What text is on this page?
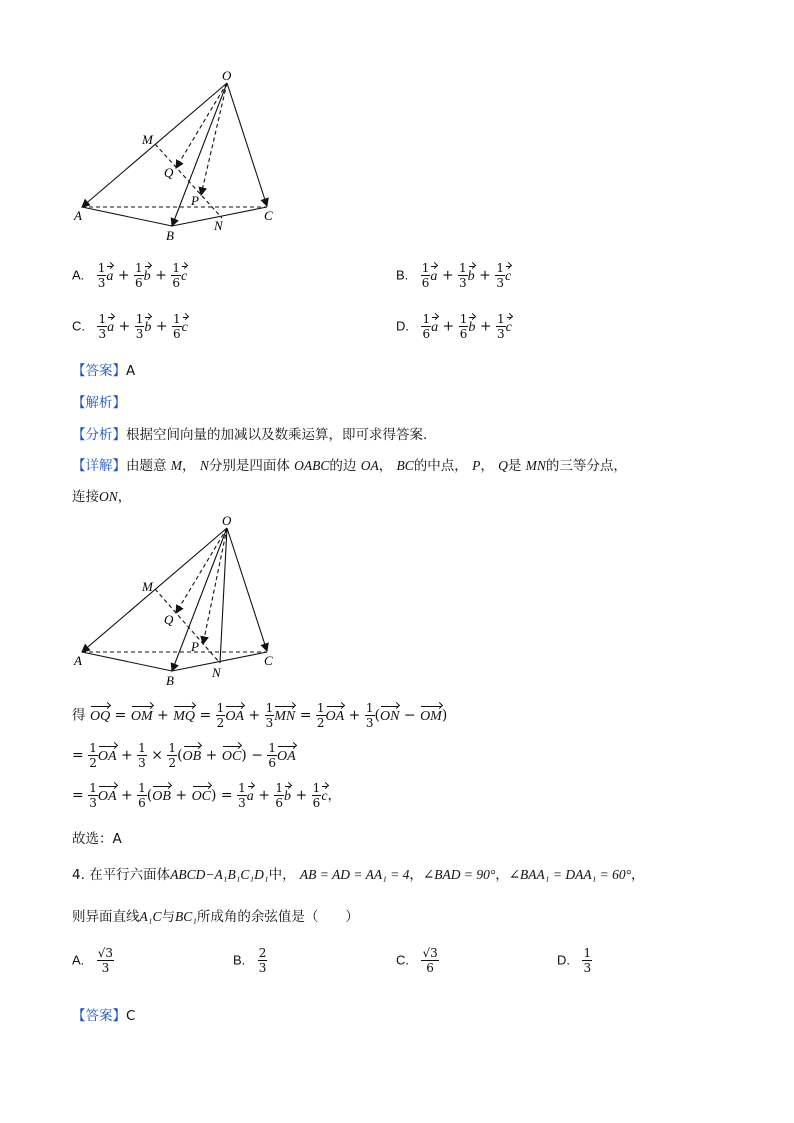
O
M
Q
P
A
B
N
C
A. $\frac{1}{3}$ $a + \frac{1}{6}$ $b + \frac{1}{6}$ c	B. $\frac{1}{6}$ $a + \frac{1}{3}$ $b + \frac{1}{3}$ c
C. $\frac{1}{3}$ $a + \frac{1}{3}$ $b + \frac{1}{6}$ c	D. $\frac{1}{6}$ $a + \frac{1}{6}$ $b + \frac{1}{3}$ c
【答案】A
【解析】
【分析】根据空间向量的加减以及数乘运算，即可求得答案.
【详解】由题意 M， N分别是四面体 OABC的边 OA， BC的中点， P， Q是 MN的三等分点，
连接ON，
O
M
Q
P
A
B
N
C
得 OQ = OM + MQ = $\frac{1}{2}$ OA + $\frac{1}{3}$ MN = $\frac{1}{2}$ OA + $\frac{1}{3} (ON - OM)$
= $\frac{1}{2}$ OA + $\frac{1}{3} \times \frac{1}{2} (OB + OC) - \frac{1}{6}$ OA
= $\frac{1}{3}$ OA + $\frac{1}{6} (OB + OC) = \frac{1}{3}$ $a + \frac{1}{6}$ $b + \frac{1}{6}$ c，
故选：A
4. 在平行六面体ABCD−A₁B₁C₁D₁中， AB = AD = AA₁ = 4，∠BAD = 90°，∠BAA₁ = DAA₁ = 60°，
则异面直线A₁C与BC₁所成角的余弦值是（　　）
A. $\frac{√3}{3}$	B. $\frac{2}{3}$	C. $\frac{√3}{6}$	D. $\frac{1}{3}$
【答案】C
